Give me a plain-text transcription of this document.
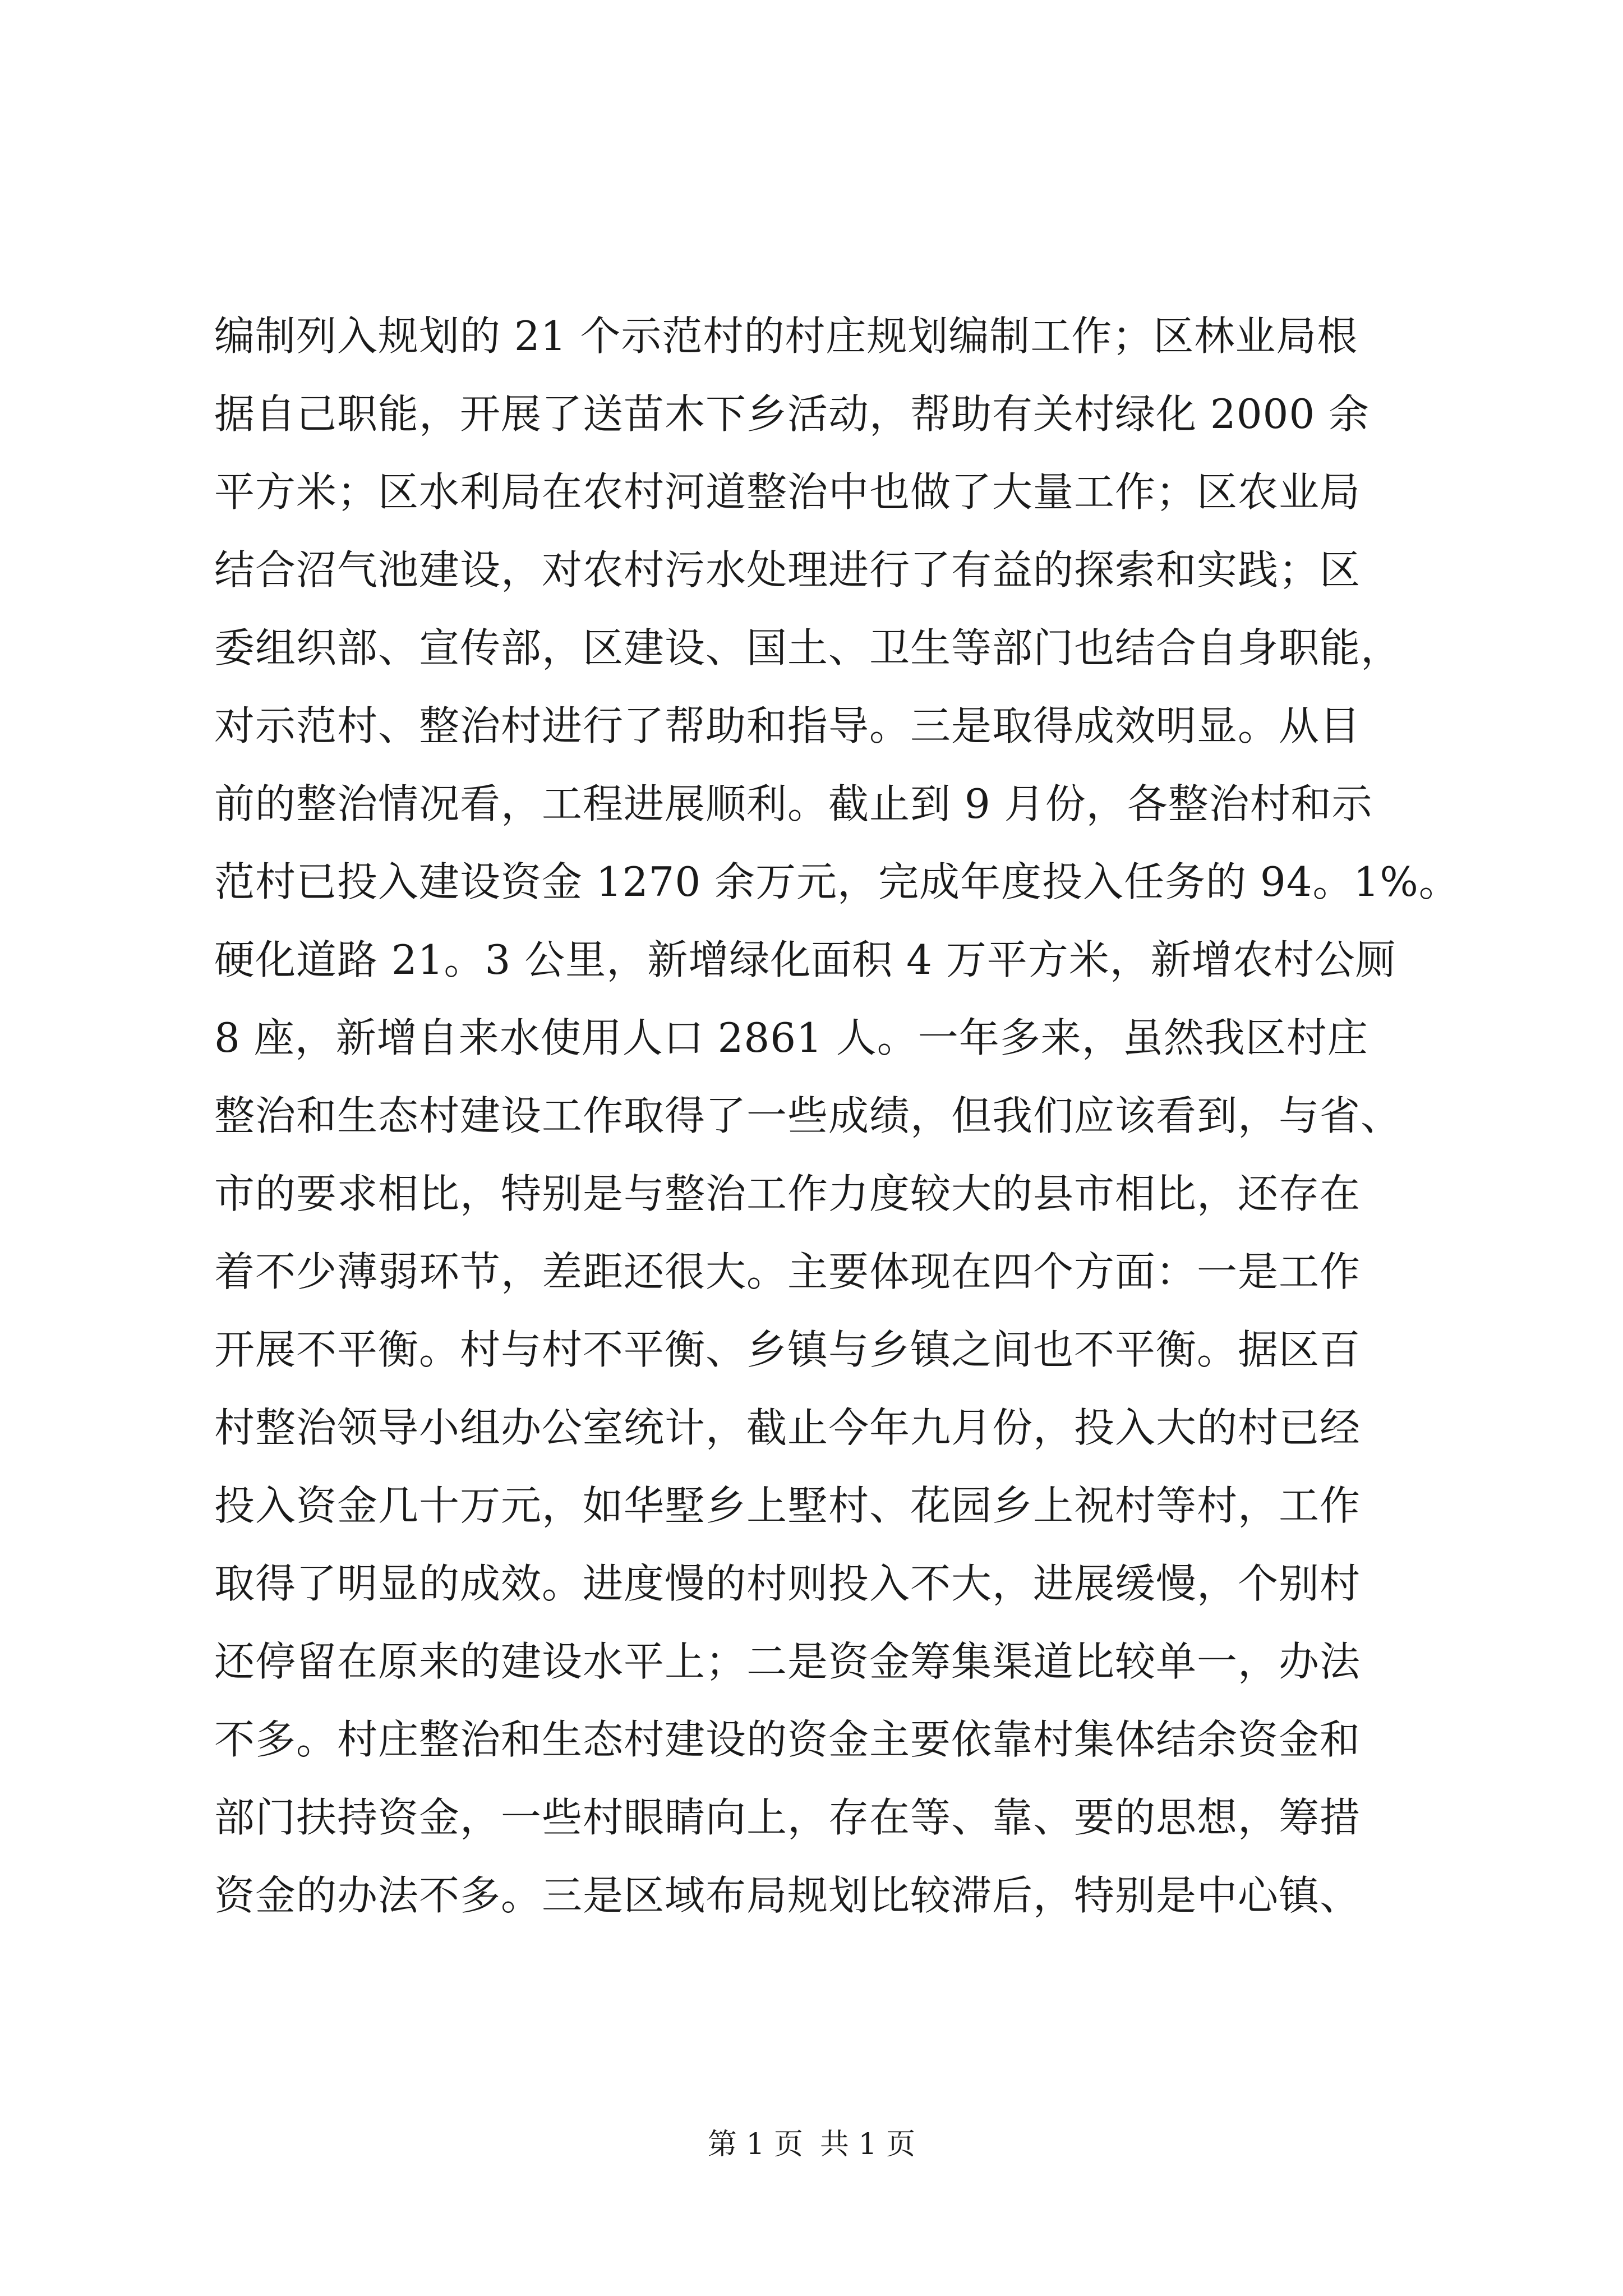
编制列入规划的 21 个示范村的村庄规划编制工作；区林业局根
据自己职能，开展了送苗木下乡活动，帮助有关村绿化 2000 余
平方米；区水利局在农村河道整治中也做了大量工作；区农业局
结合沼气池建设，对农村污水处理进行了有益的探索和实践；区
委组织部、宣传部，区建设、国土、卫生等部门也结合自身职能，
对示范村、整治村进行了帮助和指导。三是取得成效明显。从目
前的整治情况看，工程进展顺利。截止到 9 月份，各整治村和示
范村已投入建设资金 1270 余万元，完成年度投入任务的 94。1%。
硬化道路 21。3 公里，新增绿化面积 4 万平方米，新增农村公厕
8 座，新增自来水使用人口 2861 人。一年多来，虽然我区村庄
整治和生态村建设工作取得了一些成绩，但我们应该看到，与省、
市的要求相比，特别是与整治工作力度较大的县市相比，还存在
着不少薄弱环节，差距还很大。主要体现在四个方面：一是工作
开展不平衡。村与村不平衡、乡镇与乡镇之间也不平衡。据区百
村整治领导小组办公室统计，截止今年九月份，投入大的村已经
投入资金几十万元，如华墅乡上墅村、花园乡上祝村等村，工作
取得了明显的成效。进度慢的村则投入不大，进展缓慢，个别村
还停留在原来的建设水平上；二是资金筹集渠道比较单一，办法
不多。村庄整治和生态村建设的资金主要依靠村集体结余资金和
部门扶持资金，一些村眼睛向上，存在等、靠、要的思想，筹措
资金的办法不多。三是区域布局规划比较滞后，特别是中心镇、
第 1 页 共 1 页
